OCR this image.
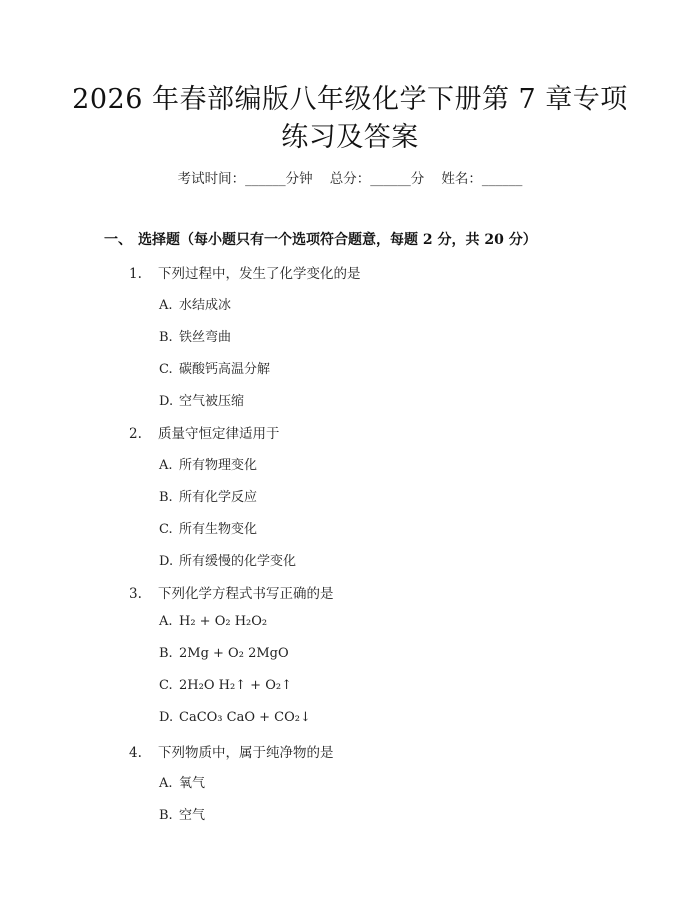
2026 年春部编版八年级化学下册第 7 章专项
练习及答案
考试时间：______分钟    总分：______分    姓名：______
一、 选择题（每小题只有一个选项符合题意，每题 2 分，共 20 分）
1. 下列过程中，发生了化学变化的是
A. 水结成冰
B. 铁丝弯曲
C. 碳酸钙高温分解
D. 空气被压缩
2. 质量守恒定律适用于
A. 所有物理变化
B. 所有化学反应
C. 所有生物变化
D. 所有缓慢的化学变化
3. 下列化学方程式书写正确的是
A. H₂ + O₂ H₂O₂
B. 2Mg + O₂ 2MgO
C. 2H₂O H₂↑ + O₂↑
D. CaCO₃ CaO + CO₂↓
4. 下列物质中，属于纯净物的是
A. 氧气
B. 空气
